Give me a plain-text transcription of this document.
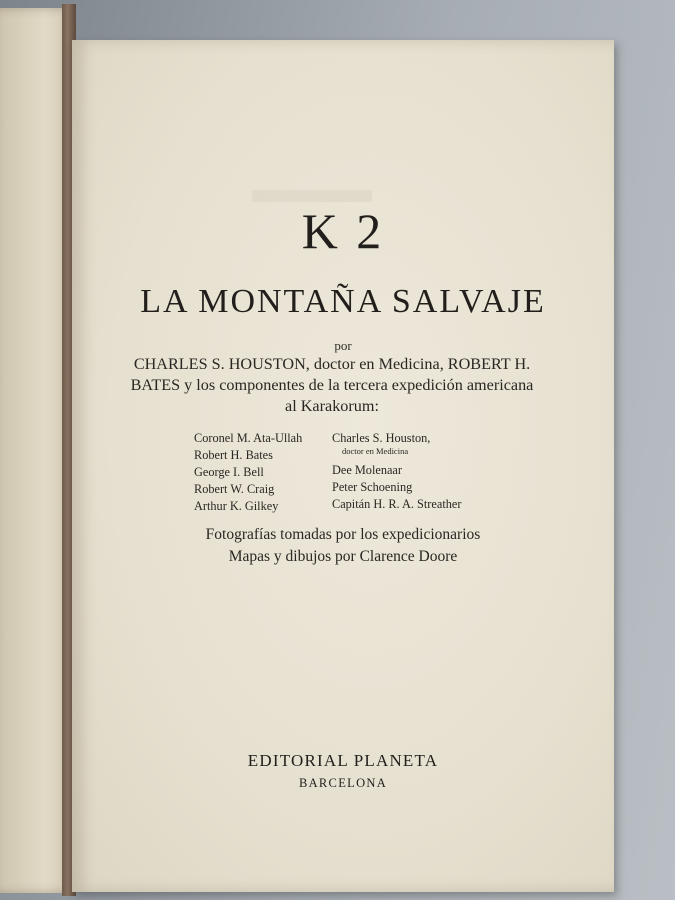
K 2
LA MONTAÑA SALVAJE
por
CHARLES S. HOUSTON, doctor en Medicina, ROBERT H. BATES y los componentes de la tercera expedición americana al Karakorum:
Coronel M. Ata-Ullah
Robert H. Bates
George I. Bell
Robert W. Craig
Arthur K. Gilkey
Charles S. Houston,
doctor en Medicina
Dee Molenaar
Peter Schoening
Capitán H. R. A. Streather
Fotografías tomadas por los expedicionarios
Mapas y dibujos por Clarence Doore
EDITORIAL PLANETA
BARCELONA
